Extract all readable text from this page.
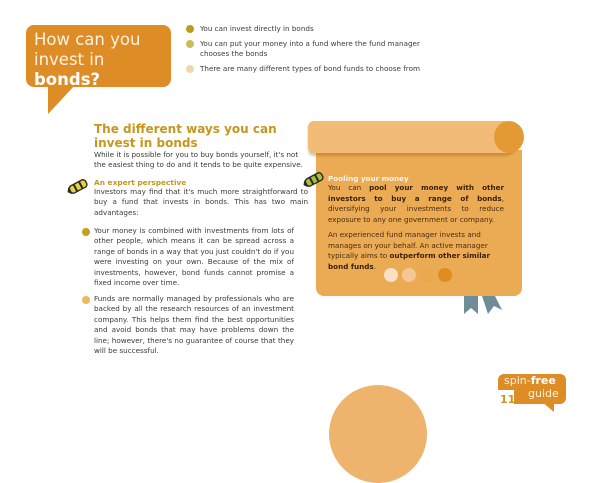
How can you
invest in
bonds?
You can invest directly in bonds
You can put your money into a fund where the fund manager chooses the bonds
There are many different types of bond funds to choose from
The different ways you can invest in bonds
While it is possible for you to buy bonds yourself, it's not the easiest thing to do and it tends to be quite expensive.
An expert perspective
Investors may find that it's much more straightforward to buy a fund that invests in bonds. This has two main advantages:
Your money is combined with investments from lots of other people, which means it can be spread across a range of bonds in a way that you just couldn't do if you were investing on your own. Because of the mix of investments, however, bond funds cannot promise a fixed income over time.
Funds are normally managed by professionals who are backed by all the research resources of an investment company. This helps them find the best opportunities and avoid bonds that may have problems down the line; however, there's no guarantee of course that they will be successful.
Pooling your money
You can pool your money with other investors to buy a range of bonds, diversifying your investments to reduce exposure to any one government or company.
An experienced fund manager invests and manages on your behalf. An active manager typically aims to outperform other similar bond funds.
spin-free
guide
11
